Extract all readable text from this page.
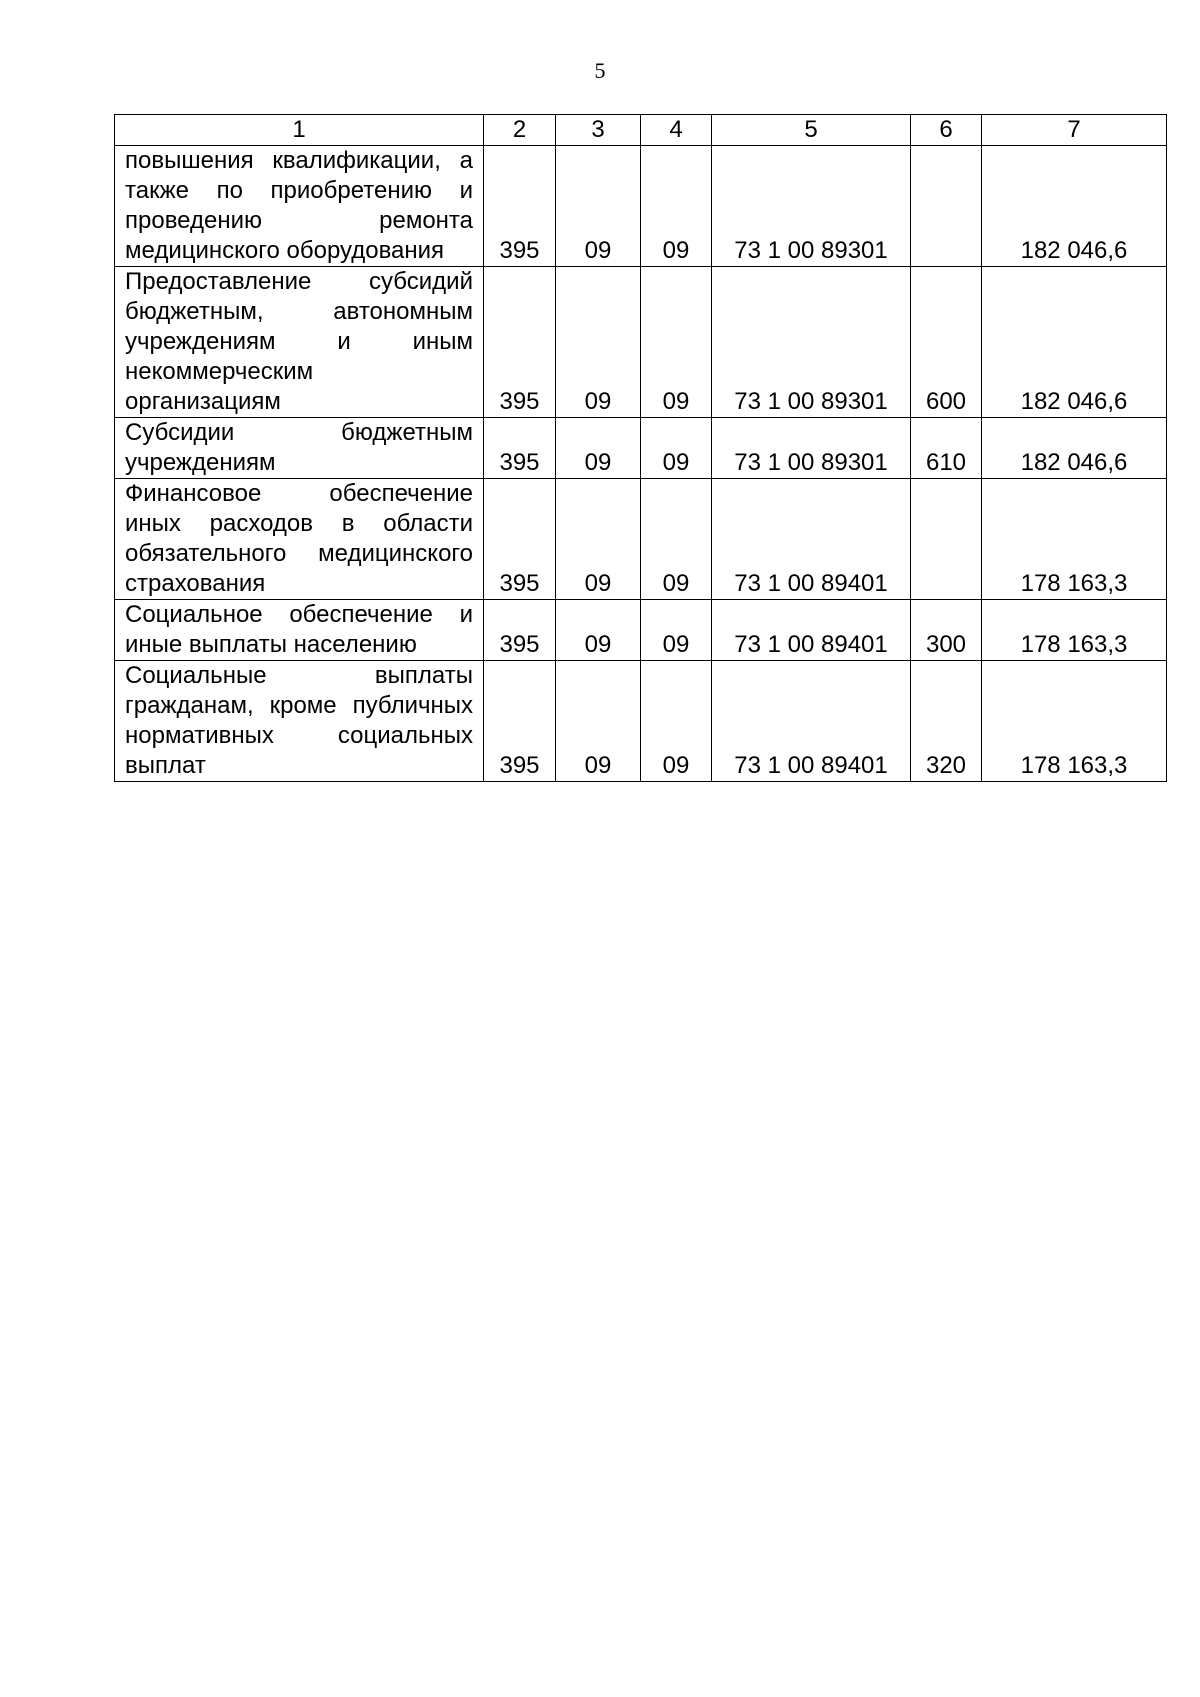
5
1	2	3	4	5	6	7
повышения квалификации, а также по приобретению и проведению ремонта медицинского оборудования	395	09	09	73 1 00 89301		182 046,6
Предоставление субсидий бюджетным, автономным учреждениям и иным некоммерческим организациям	395	09	09	73 1 00 89301	600	182 046,6
Субсидии бюджетным учреждениям	395	09	09	73 1 00 89301	610	182 046,6
Финансовое обеспечение иных расходов в области обязательного медицинского страхования	395	09	09	73 1 00 89401		178 163,3
Социальное обеспечение и иные выплаты населению	395	09	09	73 1 00 89401	300	178 163,3
Социальные выплаты гражданам, кроме публичных нормативных социальных выплат	395	09	09	73 1 00 89401	320	178 163,3
